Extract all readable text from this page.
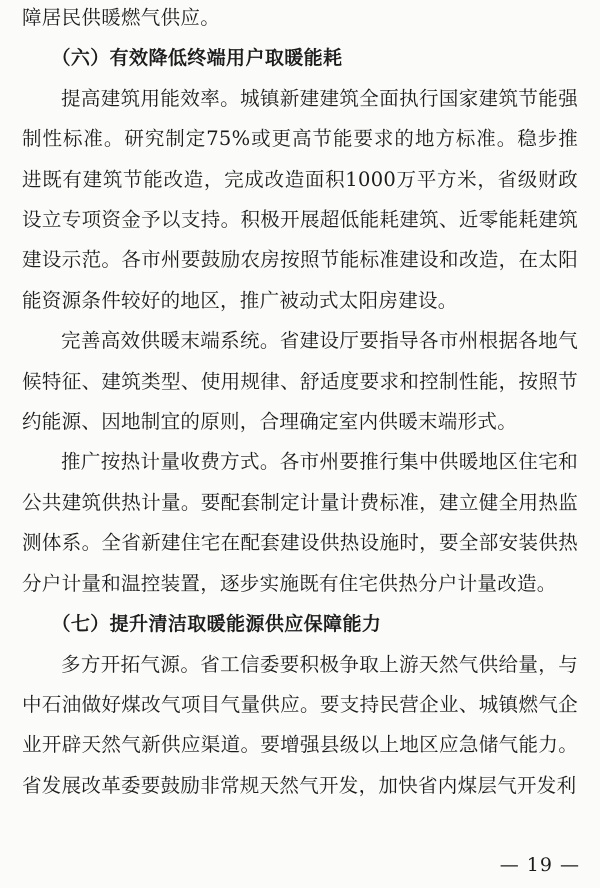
障居民供暖燃气供应。

（六）有效降低终端用户取暖能耗

提高建筑用能效率。城镇新建建筑全面执行国家建筑节能强制性标准。研究制定75%或更高节能要求的地方标准。稳步推进既有建筑节能改造，完成改造面积1000万平方米，省级财政设立专项资金予以支持。积极开展超低能耗建筑、近零能耗建筑建设示范。各市州要鼓励农房按照节能标准建设和改造，在太阳能资源条件较好的地区，推广被动式太阳房建设。

完善高效供暖末端系统。省建设厅要指导各市州根据各地气候特征、建筑类型、使用规律、舒适度要求和控制性能，按照节约能源、因地制宜的原则，合理确定室内供暖末端形式。

推广按热计量收费方式。各市州要推行集中供暖地区住宅和公共建筑供热计量。要配套制定计量计费标准，建立健全用热监测体系。全省新建住宅在配套建设供热设施时，要全部安装供热分户计量和温控装置，逐步实施既有住宅供热分户计量改造。

（七）提升清洁取暖能源供应保障能力

多方开拓气源。省工信委要积极争取上游天然气供给量，与中石油做好煤改气项目气量供应。要支持民营企业、城镇燃气企业开辟天然气新供应渠道。要增强县级以上地区应急储气能力。省发展改革委要鼓励非常规天然气开发，加快省内煤层气开发利

— 19 —
